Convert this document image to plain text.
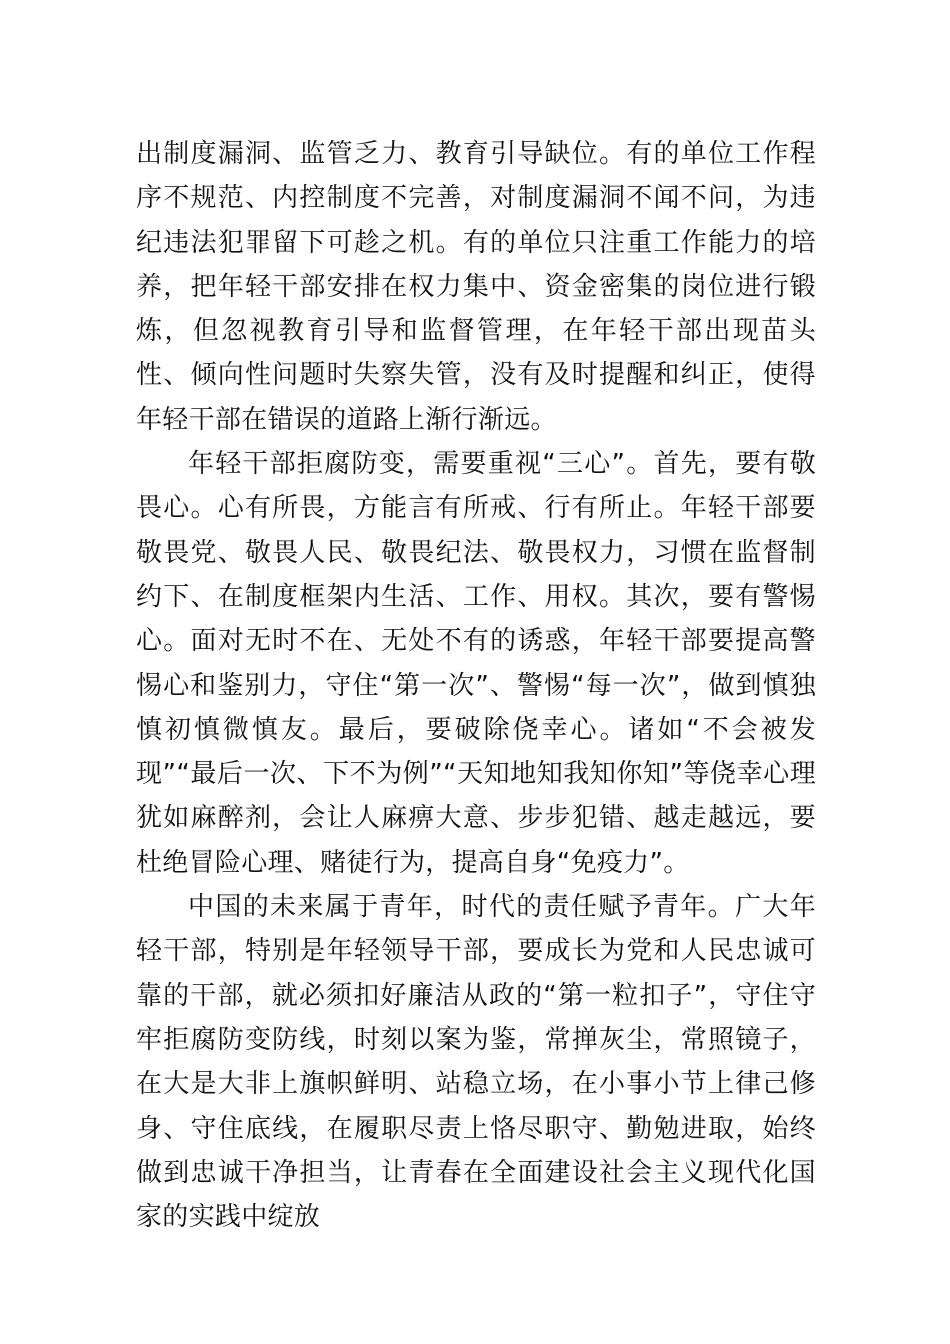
出制度漏洞、监管乏力、教育引导缺位。有的单位工作程序不规范、内控制度不完善，对制度漏洞不闻不问，为违纪违法犯罪留下可趁之机。有的单位只注重工作能力的培养，把年轻干部安排在权力集中、资金密集的岗位进行锻炼，但忽视教育引导和监督管理，在年轻干部出现苗头性、倾向性问题时失察失管，没有及时提醒和纠正，使得年轻干部在错误的道路上渐行渐远。

年轻干部拒腐防变，需要重视“三心”。首先，要有敬畏心。心有所畏，方能言有所戒、行有所止。年轻干部要敬畏党、敬畏人民、敬畏纪法、敬畏权力，习惯在监督制约下、在制度框架内生活、工作、用权。其次，要有警惕心。面对无时不在、无处不有的诱惑，年轻干部要提高警惕心和鉴别力，守住“第一次”、警惕“每一次”，做到慎独慎初慎微慎友。最后，要破除侥幸心。诸如“不会被发现”“最后一次、下不为例”“天知地知我知你知”等侥幸心理犹如麻醉剂，会让人麻痹大意、步步犯错、越走越远，要杜绝冒险心理、赌徒行为，提高自身“免疫力”。

中国的未来属于青年，时代的责任赋予青年。广大年轻干部，特别是年轻领导干部，要成长为党和人民忠诚可靠的干部，就必须扣好廉洁从政的“第一粒扣子”，守住守牢拒腐防变防线，时刻以案为鉴，常掸灰尘，常照镜子，在大是大非上旗帜鲜明、站稳立场，在小事小节上律己修身、守住底线，在履职尽责上恪尽职守、勤勉进取，始终做到忠诚干净担当，让青春在全面建设社会主义现代化国家的实践中绽放
